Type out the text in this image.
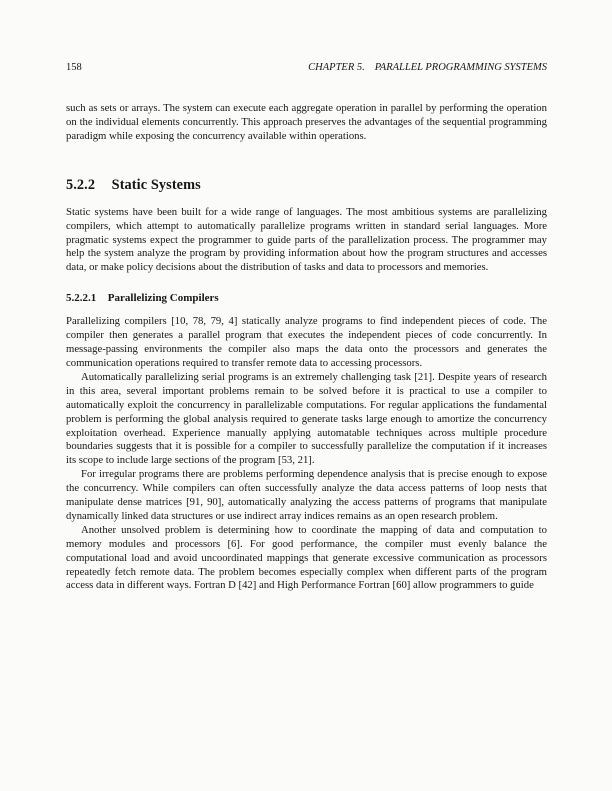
158	CHAPTER 5. PARALLEL PROGRAMMING SYSTEMS

such as sets or arrays. The system can execute each aggregate operation in parallel by performing the operation on the individual elements concurrently. This approach preserves the advantages of the sequential programming paradigm while exposing the concurrency available within operations.

5.2.2 Static Systems

Static systems have been built for a wide range of languages. The most ambitious systems are parallelizing compilers, which attempt to automatically parallelize programs written in standard serial languages. More pragmatic systems expect the programmer to guide parts of the parallelization process. The programmer may help the system analyze the program by providing information about how the program structures and accesses data, or make policy decisions about the distribution of tasks and data to processors and memories.

5.2.2.1 Parallelizing Compilers

Parallelizing compilers [10, 78, 79, 4] statically analyze programs to find independent pieces of code. The compiler then generates a parallel program that executes the independent pieces of code concurrently. In message-passing environments the compiler also maps the data onto the processors and generates the communication operations required to transfer remote data to accessing processors.

Automatically parallelizing serial programs is an extremely challenging task [21]. Despite years of research in this area, several important problems remain to be solved before it is practical to use a compiler to automatically exploit the concurrency in parallelizable computations. For regular applications the fundamental problem is performing the global analysis required to generate tasks large enough to amortize the concurrency exploitation overhead. Experience manually applying automatable techniques across multiple procedure boundaries suggests that it is possible for a compiler to successfully parallelize the computation if it increases its scope to include large sections of the program [53, 21].

For irregular programs there are problems performing dependence analysis that is precise enough to expose the concurrency. While compilers can often successfully analyze the data access patterns of loop nests that manipulate dense matrices [91, 90], automatically analyzing the access patterns of programs that manipulate dynamically linked data structures or use indirect array indices remains as an open research problem.

Another unsolved problem is determining how to coordinate the mapping of data and computation to memory modules and processors [6]. For good performance, the compiler must evenly balance the computational load and avoid uncoordinated mappings that generate excessive communication as processors repeatedly fetch remote data. The problem becomes especially complex when different parts of the program access data in different ways. Fortran D [42] and High Performance Fortran [60] allow programmers to guide
